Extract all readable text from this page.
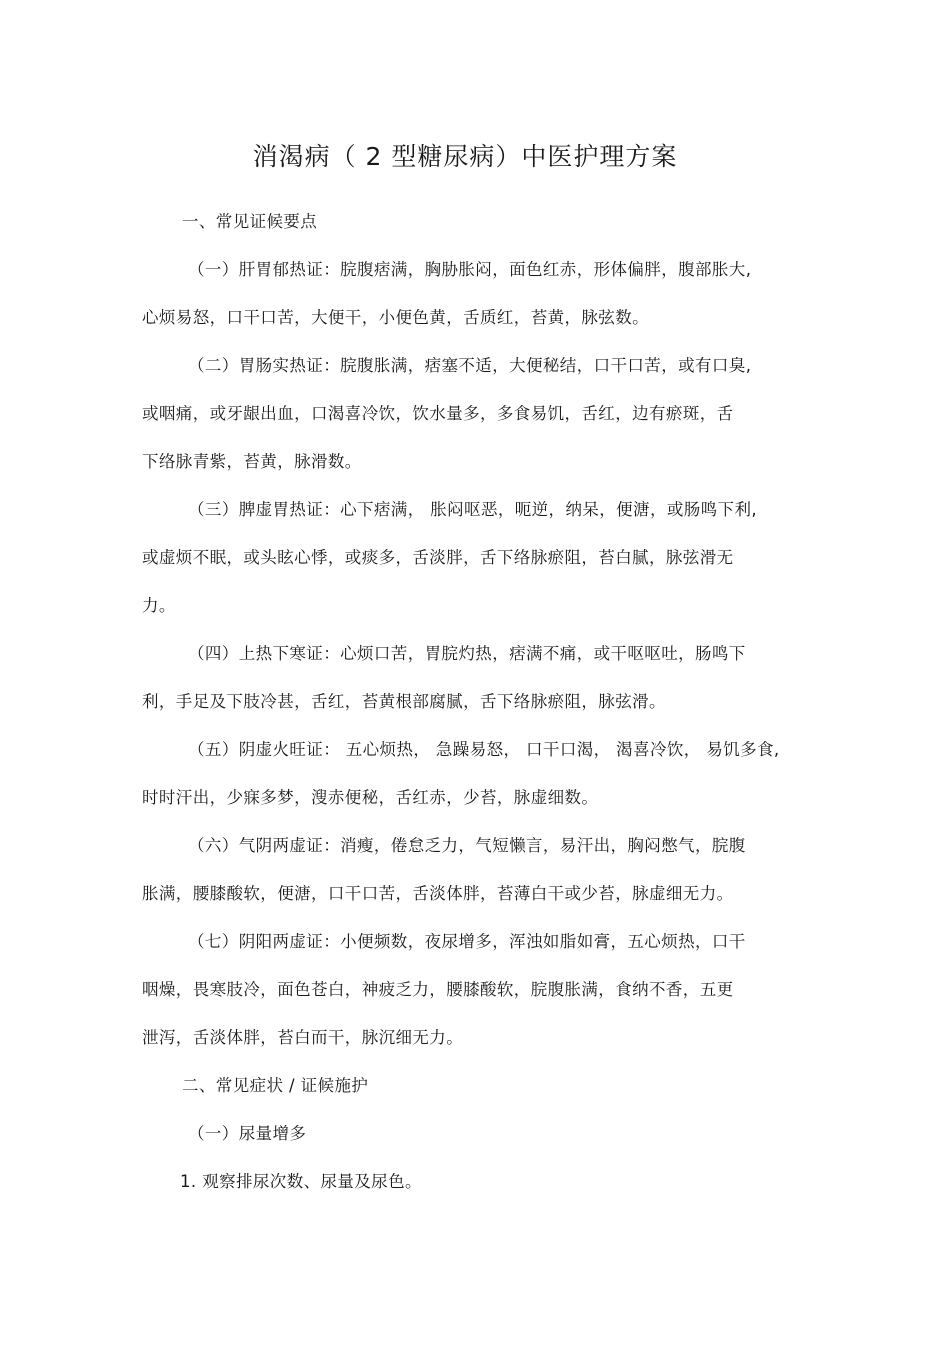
消渴病（ 2 型糖尿病）中医护理方案
一、常见证候要点
（一）肝胃郁热证：脘腹痞满，胸胁胀闷，面色红赤，形体偏胖，腹部胀大,
心烦易怒，口干口苦，大便干，小便色黄，舌质红，苔黄，脉弦数。
（二）胃肠实热证：脘腹胀满，痞塞不适，大便秘结，口干口苦，或有口臭,
或咽痛，或牙龈出血，口渴喜冷饮，饮水量多，多食易饥，舌红，边有瘀斑，舌
下络脉青紫，苔黄，脉滑数。
（三）脾虚胃热证：心下痞满， 胀闷呕恶，呃逆，纳呆，便溏，或肠鸣下利,
或虚烦不眠，或头眩心悸，或痰多，舌淡胖，舌下络脉瘀阻，苔白腻，脉弦滑无
力。
（四）上热下寒证：心烦口苦，胃脘灼热，痞满不痛，或干呕呕吐，肠鸣下
利，手足及下肢冷甚，舌红，苔黄根部腐腻，舌下络脉瘀阻，脉弦滑。
（五）阴虚火旺证： 五心烦热， 急躁易怒， 口干口渴， 渴喜冷饮， 易饥多食,
时时汗出，少寐多梦，溲赤便秘，舌红赤，少苔，脉虚细数。
（六）气阴两虚证：消瘦，倦怠乏力，气短懒言，易汗出，胸闷憋气，脘腹
胀满，腰膝酸软，便溏，口干口苦，舌淡体胖，苔薄白干或少苔，脉虚细无力。
（七）阴阳两虚证：小便频数，夜尿增多，浑浊如脂如膏，五心烦热，口干
咽燥，畏寒肢冷，面色苍白，神疲乏力，腰膝酸软，脘腹胀满，食纳不香，五更
泄泻，舌淡体胖，苔白而干，脉沉细无力。
二、常见症状 / 证候施护
（一）尿量增多
1. 观察排尿次数、尿量及尿色。
